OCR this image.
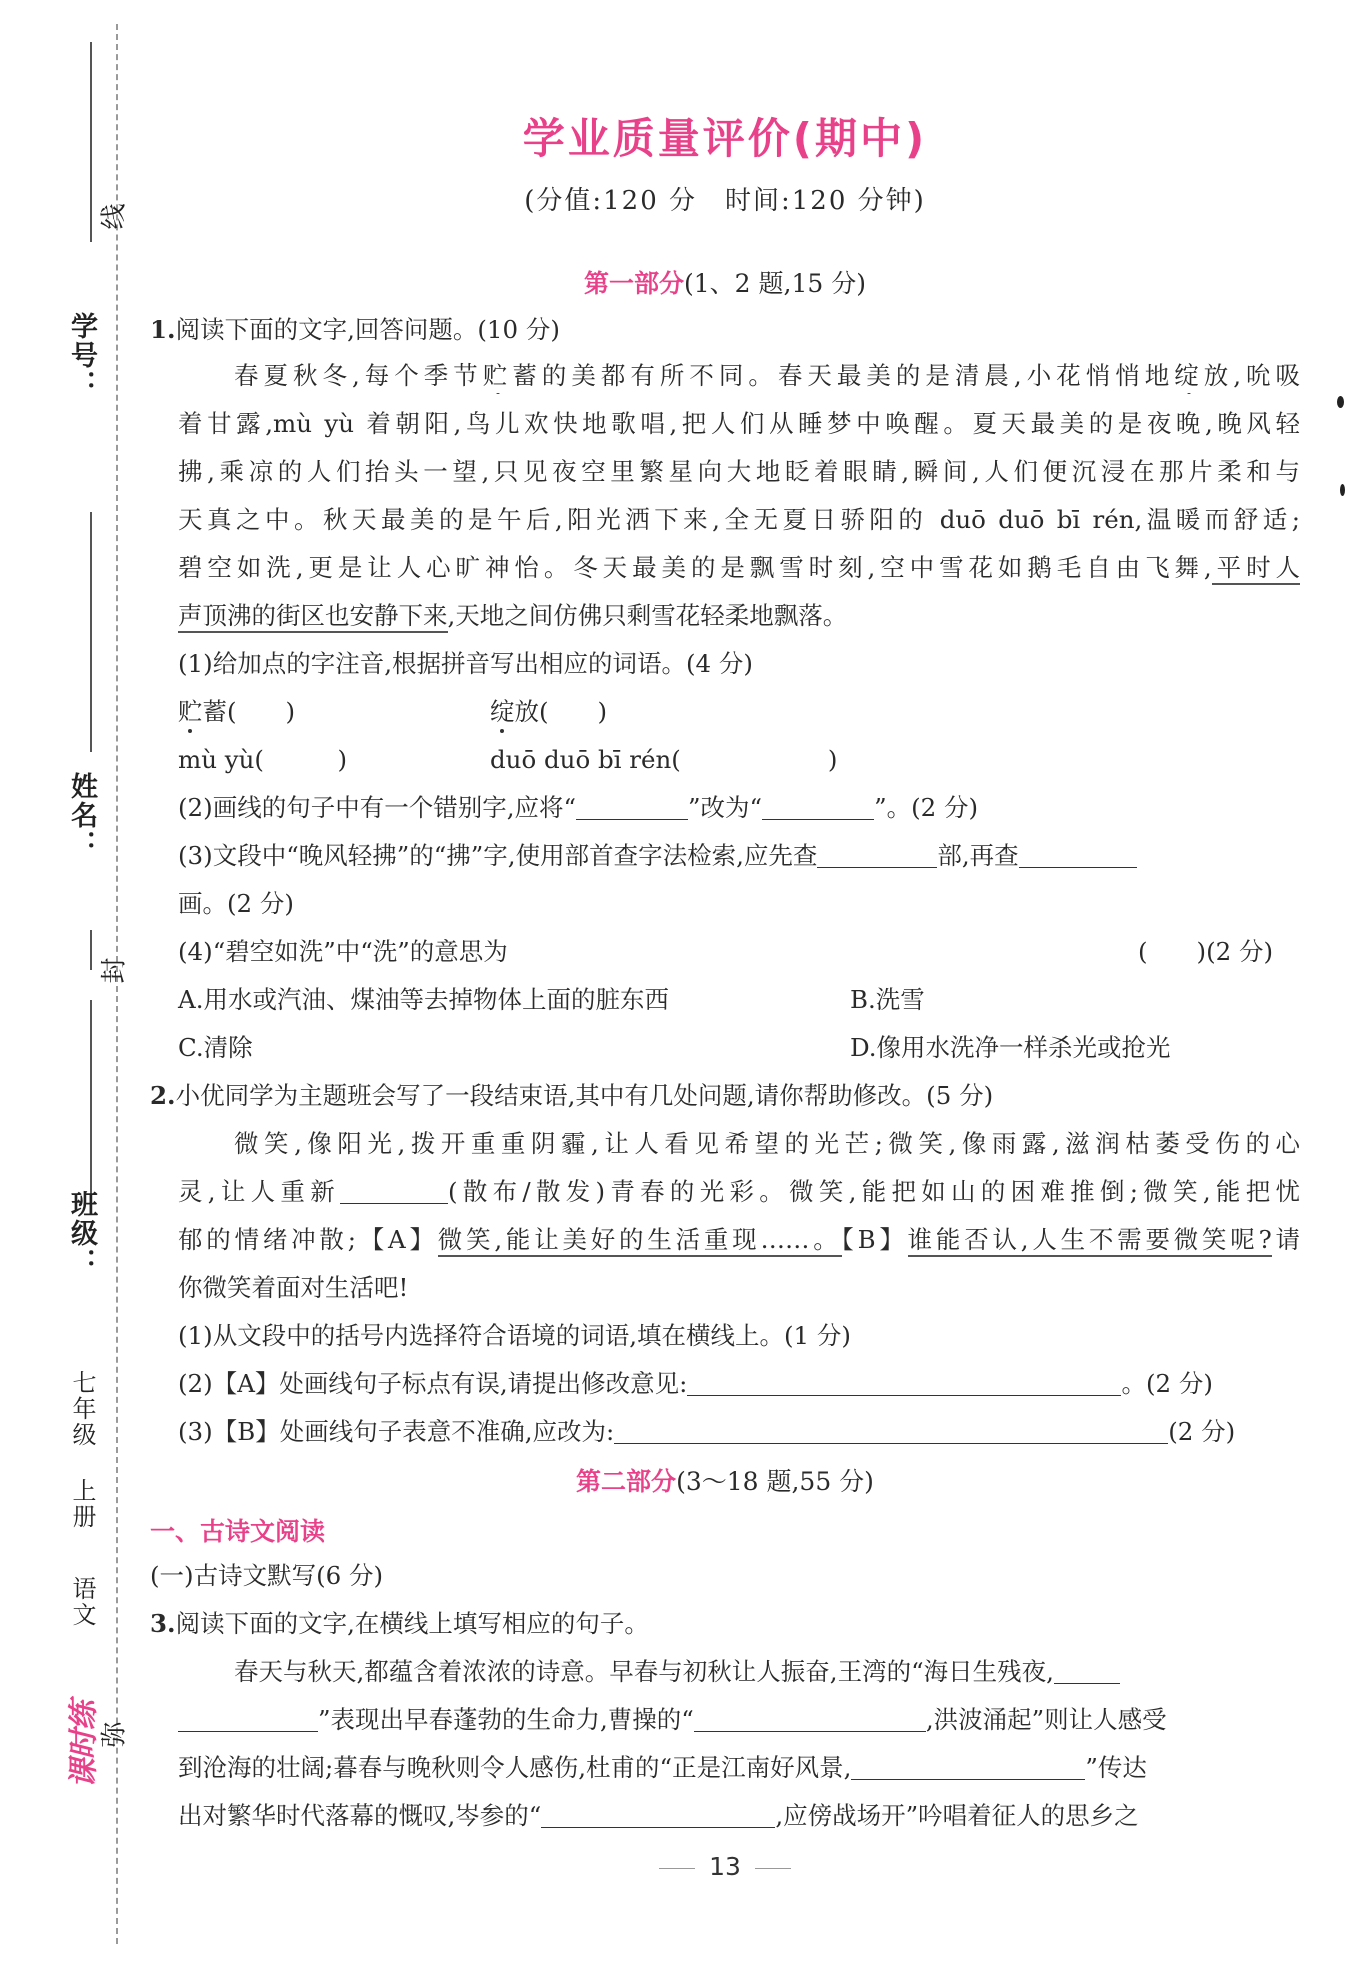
线
学号：
姓名：
封
班级：
七年级 上册
语文
课时练
弥
学业质量评价(期中)
(分值:120 分　时间:120 分钟)
第一部分(1、2 题,15 分)
1.阅读下面的文字,回答问题。(10 分)
春夏秋冬,每个季节贮蓄的美都有所不同。春天最美的是清晨,小花悄悄地绽放,吮吸
着甘露,mù yù 着朝阳,鸟儿欢快地歌唱,把人们从睡梦中唤醒。夏天最美的是夜晚,晚风轻
拂,乘凉的人们抬头一望,只见夜空里繁星向大地眨着眼睛,瞬间,人们便沉浸在那片柔和与
天真之中。秋天最美的是午后,阳光洒下来,全无夏日骄阳的 duō duō bī rén,温暖而舒适;
碧空如洗,更是让人心旷神怡。冬天最美的是飘雪时刻,空中雪花如鹅毛自由飞舞,平时人
声顶沸的街区也安静下来,天地之间仿佛只剩雪花轻柔地飘落。
(1)给加点的字注音,根据拼音写出相应的词语。(4 分)
贮蓄(　　)	绽放(　　)
mù yù(　　　)	duō duō bī rén(　　　　　　)
(2)画线的句子中有一个错别字,应将“	”改为“	”。(2 分)
(3)文段中“晚风轻拂”的“拂”字,使用部首查字法检索,应先查	部,再查
画。(2 分)
(4)“碧空如洗”中“洗”的意思为	(　　)(2 分)
A.用水或汽油、煤油等去掉物体上面的脏东西	B.洗雪
C.清除	D.像用水洗净一样杀光或抢光
2.小优同学为主题班会写了一段结束语,其中有几处问题,请你帮助修改。(5 分)
微笑,像阳光,拨开重重阴霾,让人看见希望的光芒;微笑,像雨露,滋润枯萎受伤的心
灵,让人重新	(散布/散发)青春的光彩。微笑,能把如山的困难推倒;微笑,能把忧
郁的情绪冲散;【A】微笑,能让美好的生活重现……。【B】谁能否认,人生不需要微笑呢?请
你微笑着面对生活吧!
(1)从文段中的括号内选择符合语境的词语,填在横线上。(1 分)
(2)【A】处画线句子标点有误,请提出修改意见:	。(2 分)
(3)【B】处画线句子表意不准确,应改为:	(2 分)
第二部分(3～18 题,55 分)
一、古诗文阅读
(一)古诗文默写(6 分)
3.阅读下面的文字,在横线上填写相应的句子。
春天与秋天,都蕴含着浓浓的诗意。早春与初秋让人振奋,王湾的“海日生残夜,
”表现出早春蓬勃的生命力,曹操的“	,洪波涌起”则让人感受
到沧海的壮阔;暮春与晚秋则令人感伤,杜甫的“正是江南好风景,	”传达
出对繁华时代落幕的慨叹,岑参的“	,应傍战场开”吟唱着征人的思乡之
13
